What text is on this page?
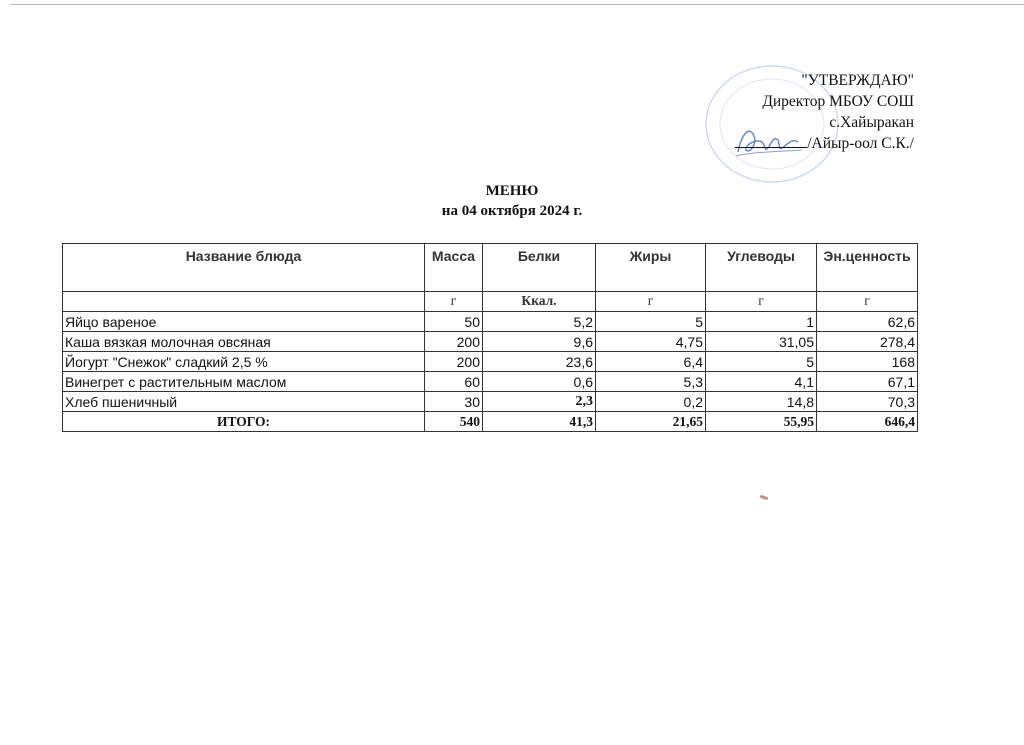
"УТВЕРЖДАЮ"
Директор МБОУ СОШ
с.Хайыракан
/Айыр-оол С.К./
МЕНЮ
на 04 октября 2024 г.
Название блюда	Масса	Белки	Жиры	Углеводы	Эн.ценность
	г	Ккал.	г	г	г
Яйцо вареное	50	5,2	5	1	62,6
Каша вязкая молочная овсяная	200	9,6	4,75	31,05	278,4
Йогурт "Снежок" сладкий 2,5 %	200	23,6	6,4	5	168
Винегрет с растительным маслом	60	0,6	5,3	4,1	67,1
Хлеб пшеничный	30	2,3	0,2	14,8	70,3
ИТОГО:	540	41,3	21,65	55,95	646,4
